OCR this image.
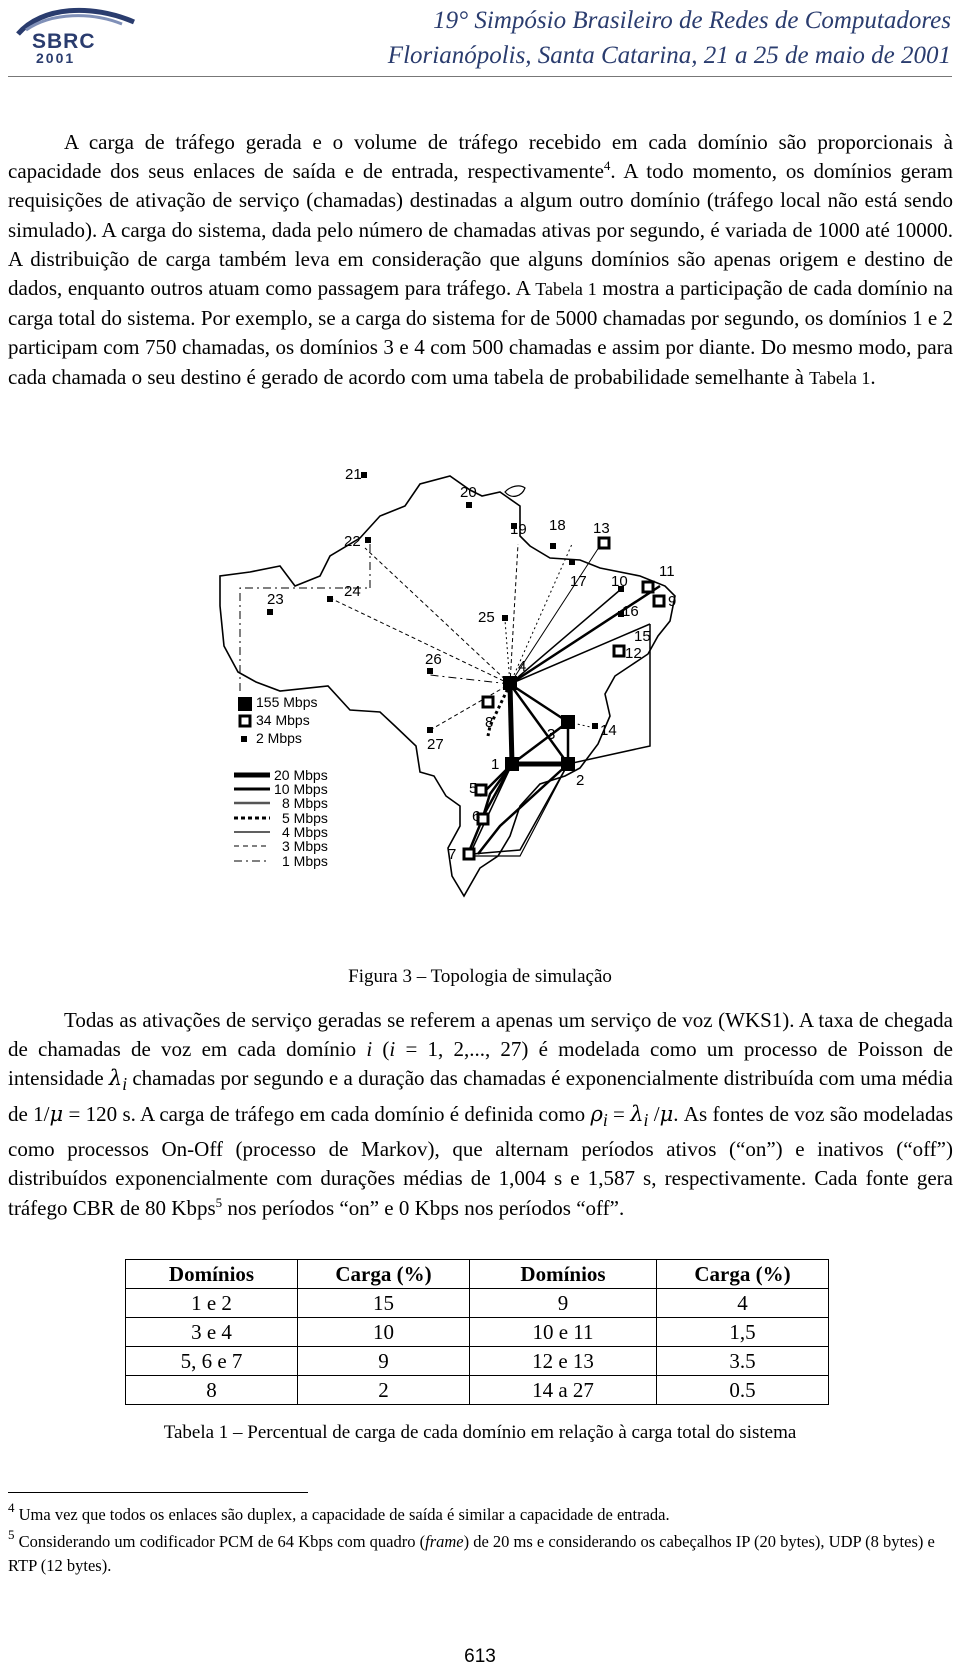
SBRC
2001
19° Simpósio Brasileiro de Redes de Computadores
Florianópolis, Santa Catarina, 21 a 25 de maio de 2001

A carga de tráfego gerada e o volume de tráfego recebido em cada domínio são proporcionais à capacidade dos seus enlaces de saída e de entrada, respectivamente$^4$. A todo momento, os domínios geram requisições de ativação de serviço (chamadas) destinadas a algum outro domínio (tráfego local não está sendo simulado). A carga do sistema, dada pelo número de chamadas ativas por segundo, é variada de 1000 até 10000. A distribuição de carga também leva em consideração que alguns domínios são apenas origem e destino de dados, enquanto outros atuam como passagem para tráfego. A Tabela 1 mostra a participação de cada domínio na carga total do sistema. Por exemplo, se a carga do sistema for de 5000 chamadas por segundo, os domínios 1 e 2 participam com 750 chamadas, os domínios 3 e 4 com 500 chamadas e assim por diante. Do mesmo modo, para cada chamada o seu destino é gerado de acordo com uma tabela de probabilidade semelhante à Tabela 1.

21
20
22
19 18 13
11
17 10
9
23	24
25	16
15
12
26	4
8
3	14
27
1
2
5
6
7
155 Mbps
34 Mbps
2 Mbps
20 Mbps
10 Mbps
8 Mbps
5 Mbps
4 Mbps
3 Mbps
1 Mbps
Figura 3 – Topologia de simulação

Todas as ativações de serviço geradas se referem a apenas um serviço de voz (WKS1). A taxa de chegada de chamadas de voz em cada domínio i (i = 1, 2,..., 27) é modelada como um processo de Poisson de intensidade $\lambda_i$ chamadas por segundo e a duração das chamadas é exponencialmente distribuída com uma média de 1/μ = 120 s. A carga de tráfego em cada domínio é definida como $\rho_i = \lambda_i$ /μ. As fontes de voz são modeladas como processos On-Off (processo de Markov), que alternam períodos ativos (“on”) e inativos (“off”) distribuídos exponencialmente com durações médias de 1,004 s e 1,587 s, respectivamente. Cada fonte gera tráfego CBR de 80 Kbps$^5$ nos períodos “on” e 0 Kbps nos períodos “off”.

Domínios	Carga (%)	Domínios	Carga (%)
1 e 2	15	9	4
3 e 4	10	10 e 11	1,5
5, 6 e 7	9	12 e 13	3.5
8	2	14 a 27	0.5
Tabela 1 – Percentual de carga de cada domínio em relação à carga total do sistema
$^4$ Uma vez que todos os enlaces são duplex, a capacidade de saída é similar a capacidade de entrada.
$^5$ Considerando um codificador PCM de 64 Kbps com quadro (frame) de 20 ms e considerando os cabeçalhos IP (20 bytes), UDP (8 bytes) e RTP (12 bytes).
613
